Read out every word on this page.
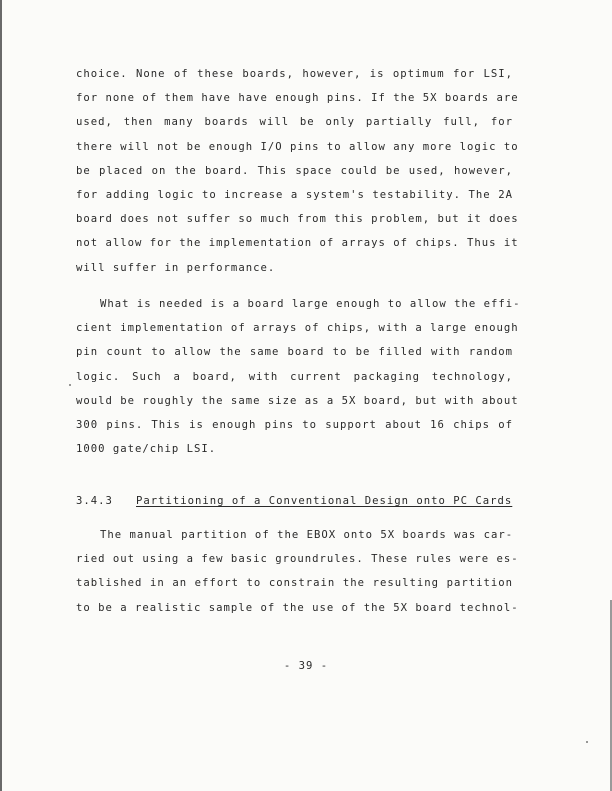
choice. None of these boards, however, is optimum for LSI,
for none of them have have enough pins. If the 5X boards are
used, then many boards will be only partially full, for
there will not be enough I/O pins to allow any more logic to
be placed on the board. This space could be used, however,
for adding logic to increase a system's testability. The 2A
board does not suffer so much from this problem, but it does
not allow for the implementation of arrays of chips. Thus it
will suffer in performance.
What is needed is a board large enough to allow the effi-
cient implementation of arrays of chips, with a large enough
pin count to allow the same board to be filled with random
logic. Such a board, with current packaging technology,
would be roughly the same size as a 5X board, but with about
300 pins. This is enough pins to support about 16 chips of
1000 gate/chip LSI.
3.4.3 Partitioning of a Conventional Design onto PC Cards
The manual partition of the EBOX onto 5X boards was car-
ried out using a few basic groundrules. These rules were es-
tablished in an effort to constrain the resulting partition
to be a realistic sample of the use of the 5X board technol-
- 39 -
